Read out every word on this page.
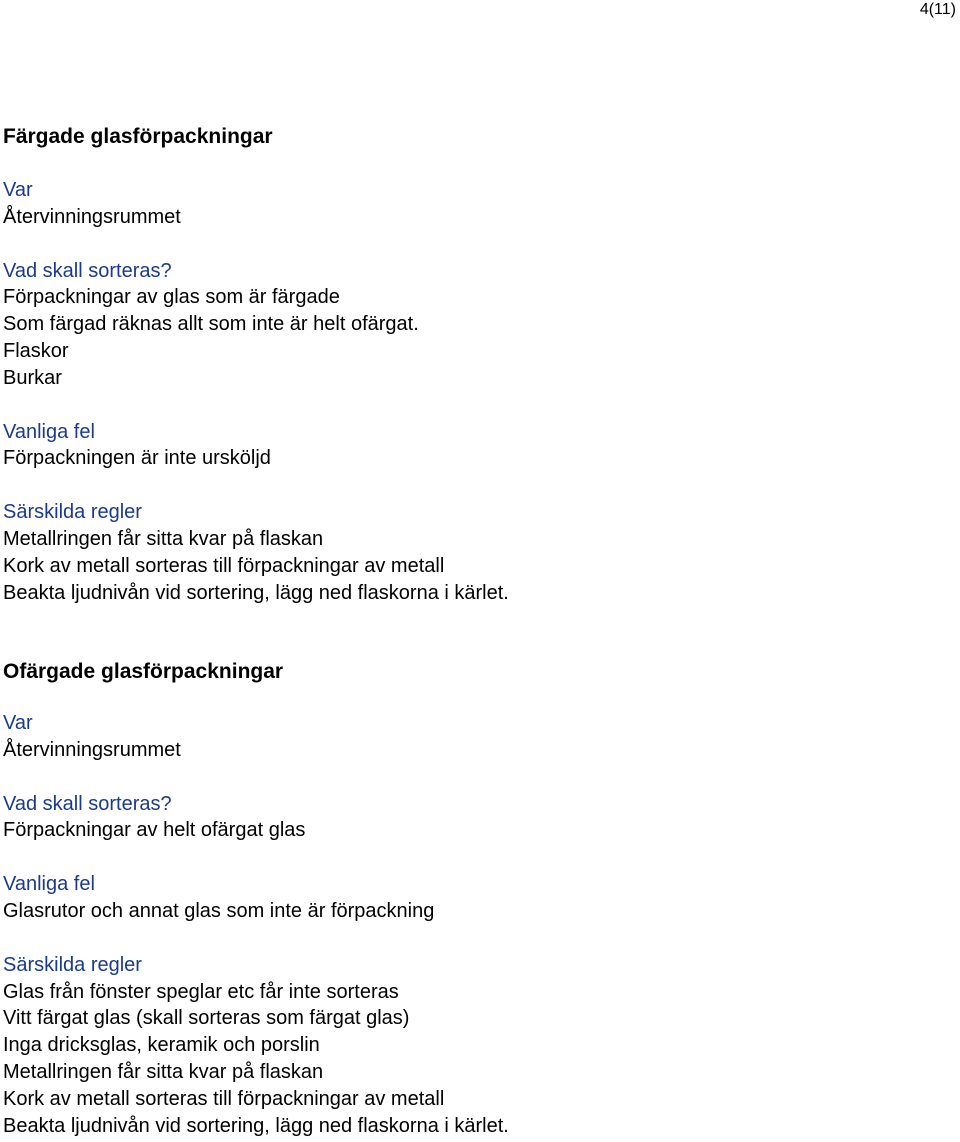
4(11)

Färgade glasförpackningar

Var

Återvinningsrummet

Vad skall sorteras?

Förpackningar av glas som är färgade

Som färgad räknas allt som inte är helt ofärgat.

Flaskor

Burkar

Vanliga fel

Förpackningen är inte ursköljd

Särskilda regler

Metallringen får sitta kvar på flaskan

Kork av metall sorteras till förpackningar av metall

Beakta ljudnivån vid sortering, lägg ned flaskorna i kärlet.

Ofärgade glasförpackningar

Var

Återvinningsrummet

Vad skall sorteras?

Förpackningar av helt ofärgat glas

Vanliga fel

Glasrutor och annat glas som inte är förpackning

Särskilda regler

Glas från fönster speglar etc får inte sorteras

Vitt färgat glas (skall sorteras som färgat glas)

Inga dricksglas, keramik och porslin

Metallringen får sitta kvar på flaskan

Kork av metall sorteras till förpackningar av metall

Beakta ljudnivån vid sortering, lägg ned flaskorna i kärlet.
